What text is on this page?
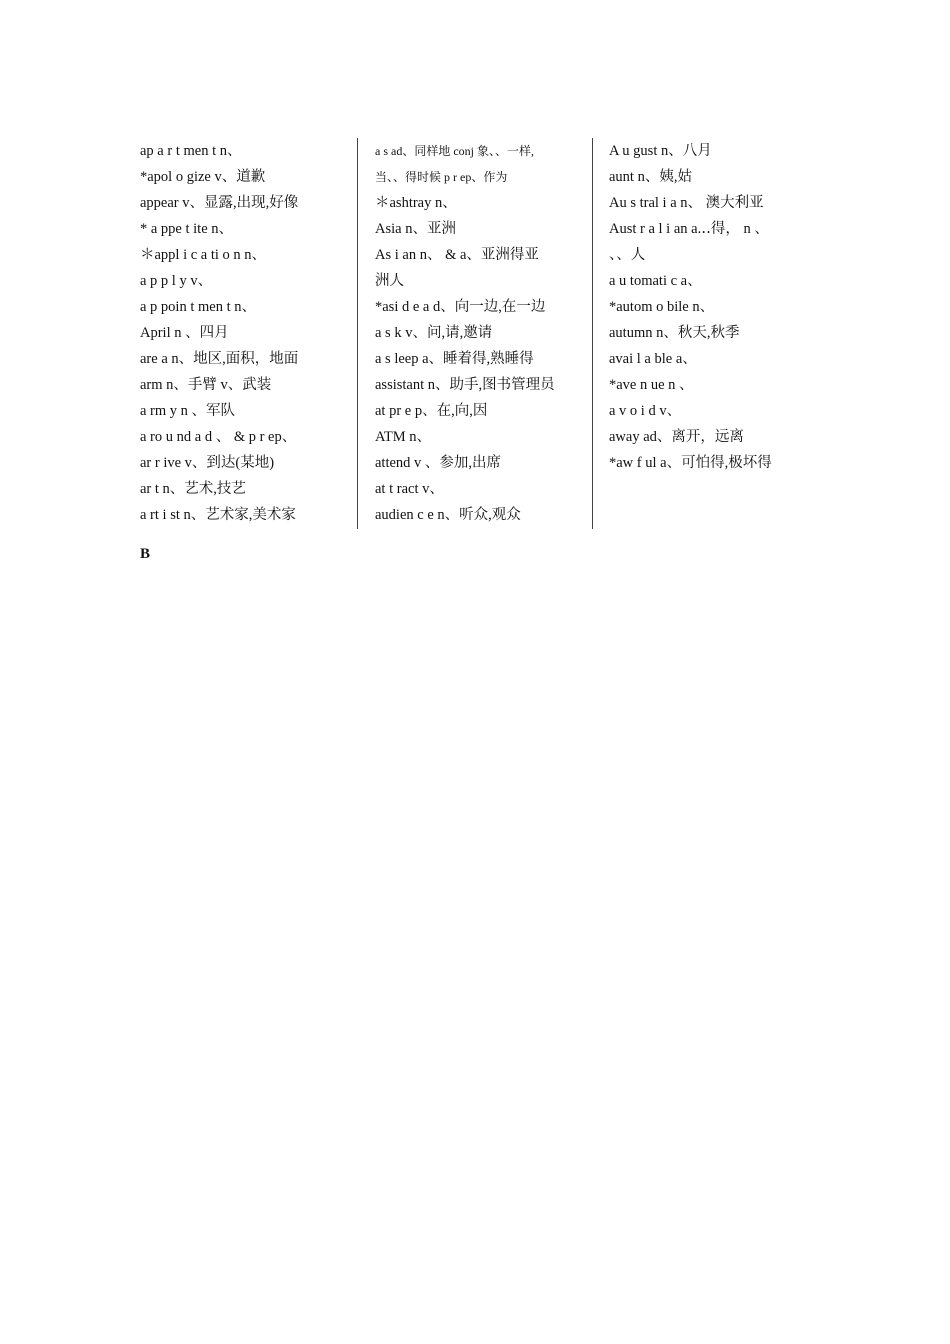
ap a r t men t n、
*apol o gize v、道歉
appear v、显露,出现,好像
* a ppe t ite n、
＊appl i c a ti o n n、
a p p l y v、
a p poin t men t n、
April n 、四月
are a n、地区,面积，地面
arm n、手臂 v、武装
a rm y n 、军队
a ro u nd a d 、 & p r ep、
ar r ive v、到达(某地)
ar t n、艺术,技艺
a rt i st n、艺术家,美术家
a s ad、同样地 conj 象、、一样,
当、、得时候 p r ep、作为
＊ashtray n、
Asia n、亚洲
As i an n、 & a、亚洲得亚
洲人
*asi d e a d、向一边,在一边
a s k v、问,请,邀请
a s leep a、睡着得,熟睡得
assistant n、助手,图书管理员
at pr e p、在,向,因
ATM n、
attend v 、参加,出席
at t ract v、
audien c e n、听众,观众
A u gust n、八月
aunt n、姨,姑
Au s tral i a n、 澳大利亚
Aust r a l i an a.‥得， n 、
、、人
a u tomati c a、
*autom o bile n、
autumn n、秋天,秋季
avai l a ble a、
*ave n ue n 、
a v o i d v、
away ad、离开，远离
*aw f ul a、可怕得,极坏得
B
